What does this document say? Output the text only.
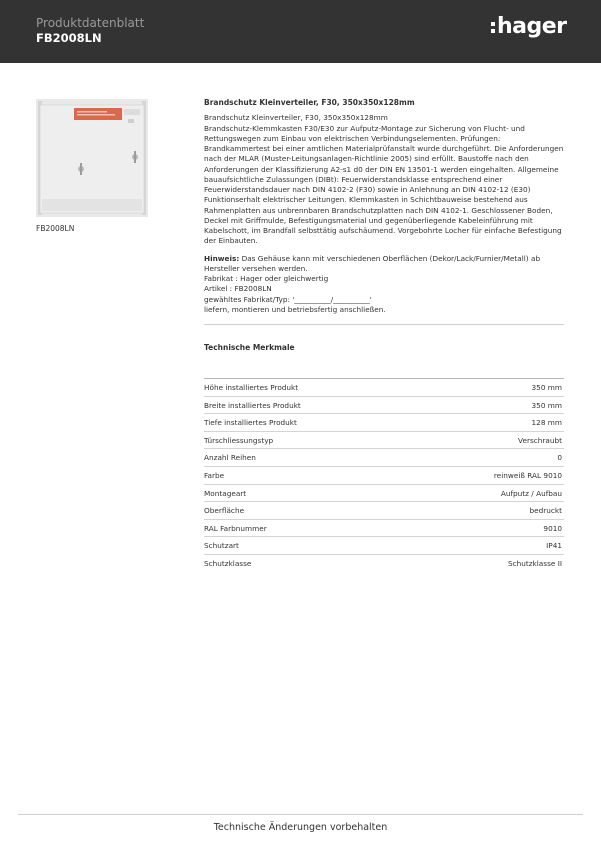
Produktdatenblatt
FB2008LN	hager
FB2008LN
Brandschutz Kleinverteiler, F30, 350x350x128mm

Brandschutz Kleinverteiler, F30, 350x350x128mm

Brandschutz-Klemmkasten F30/E30 zur Aufputz-Montage zur Sicherung von Flucht- und

Rettungswegen zum Einbau von elektrischen Verbindungselementen. Prüfungen:

Brandkammertest bei einer amtlichen Materialprüfanstalt wurde durchgeführt. Die Anforderungen

nach der MLAR (Muster-Leitungsanlagen-Richtlinie 2005) sind erfüllt. Baustoffe nach den

Anforderungen der Klassifizierung A2-s1 d0 der DIN EN 13501-1 werden eingehalten. Allgemeine

bauaufsichtliche Zulassungen (DIBt): Feuerwiderstandsklasse entsprechend einer

Feuerwiderstandsdauer nach DIN 4102-2 (F30) sowie in Anlehnung an DIN 4102-12 (E30)

Funktionserhalt elektrischer Leitungen. Klemmkasten in Schichtbauweise bestehend aus

Rahmenplatten aus unbrennbaren Brandschutzplatten nach DIN 4102-1. Geschlossener Boden,

Deckel mit Griffmulde, Befestigungsmaterial und gegenüberliegende Kabeleinführung mit

Kabelschott, im Brandfall selbsttätig aufschäumend. Vorgebohrte Locher für einfache Befestigung

der Einbauten.

Hinweis: Das Gehäuse kann mit verschiedenen Oberflächen (Dekor/Lack/Furnier/Metall) ab

Hersteller versehen werden.

Fabrikat : Hager oder gleichwertig

Artikel : FB2008LN

gewähltes Fabrikat/Typ: '__________/__________'

liefern, montieren und betriebsfertig anschließen.

Technische Merkmale
Höhe installiertes Produkt	350 mm
Breite installiertes Produkt	350 mm
Tiefe installiertes Produkt	128 mm
Türschliessungstyp	Verschraubt
Anzahl Reihen	0
Farbe	reinweiß RAL 9010
Montageart	Aufputz / Aufbau
Oberfläche	bedruckt
RAL Farbnummer	9010
Schutzart	IP41
Schutzklasse	Schutzklasse II
Technische Änderungen vorbehalten
